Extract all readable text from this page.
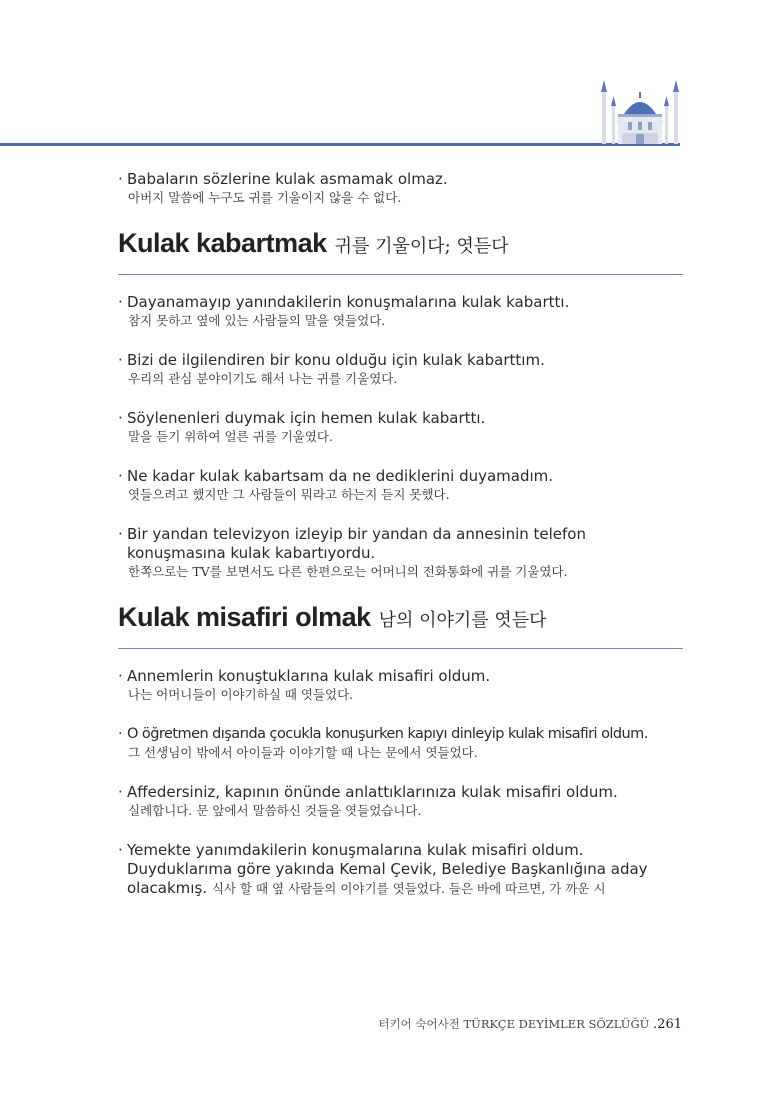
· Babaların sözlerine kulak asmamak olmaz.
아버지 말씀에 누구도 귀를 기울이지 않을 수 없다.
Kulak kabartmak 귀를 기울이다; 엿듣다
· Dayanamayıp yanındakilerin konuşmalarına kulak kabarttı.
참지 못하고 옆에 있는 사람들의 말을 엿들었다.
· Bizi de ilgilendiren bir konu olduğu için kulak kabarttım.
우리의 관심 분야이기도 해서 나는 귀를 기울였다.
· Söylenenleri duymak için hemen kulak kabarttı.
말을 듣기 위하여 얼른 귀를 기울였다.
· Ne kadar kulak kabartsam da ne dediklerini duyamadım.
엿들으려고 했지만 그 사람들이 뭐라고 하는지 듣지 못했다.
· Bir yandan televizyon izleyip bir yandan da annesinin telefon konuşmasına kulak kabartıyordu.
한쪽으로는 TV를 보면서도 다른 한편으로는 어머니의 전화통화에 귀를 기울였다.
Kulak misafiri olmak 남의 이야기를 엿듣다
· Annemlerin konuştuklarına kulak misafiri oldum.
나는 어머니들이 이야기하실 때 엿들었다.
· O öğretmen dışarıda çocukla konuşurken kapıyı dinleyip kulak misafiri oldum.
그 선생님이 밖에서 아이들과 이야기할 때 나는 문에서 엿들었다.
· Affedersiniz, kapının önünde anlattıklarınıza kulak misafiri oldum.
실례합니다. 문 앞에서 말씀하신 것들을 엿들었습니다.
· Yemekte yanımdakilerin konuşmalarına kulak misafiri oldum. Duyduklarıma göre yakında Kemal Çevik, Belediye Başkanlığına aday olacakmış. 식사 할 때 옆 사람들의 이야기를 엿들었다. 들은 바에 따르면, 가 까운 시
터키어 숙어사전 TÜRKÇE DEYİMLER SÖZLÜĞÜ .261
